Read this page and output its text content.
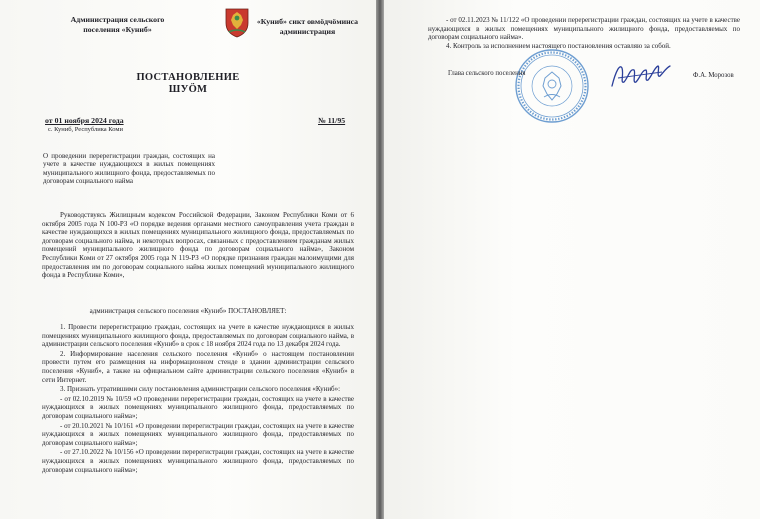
Администрация сельского
поселения «Куниб»
«Куниб» сикт овмӧдчӧминса
администрация
ПОСТАНОВЛЕНИЕ
ШУӦМ
от 01 ноября 2024 года
с. Куниб, Республика Коми
№ 11/95
О проведении перерегистрации граждан, состоящих на учете в качестве нуждающихся в жилых помещениях муниципального жилищного фонда, предоставляемых по договорам социального найма

Руководствуясь Жилищным кодексом Российской Федерации, Законом Республики Коми от 6 октября 2005 года N 100-РЗ «О порядке ведения органами местного самоуправления учета граждан в качестве нуждающихся в жилых помещениях муниципального жилищного фонда, предоставляемых по договорам социального найма, и некоторых вопросах, связанных с предоставлением гражданам жилых помещений муниципального жилищного фонда по договорам социального найма», Законом Республики Коми от 27 октября 2005 года N 119-РЗ «О порядке признания граждан малоимущими для предоставления им по договорам социального найма жилых помещений муниципального жилищного фонда в Республике Коми»,

администрация сельского поселения «Куниб» ПОСТАНОВЛЯЕТ:

1. Провести перерегистрацию граждан, состоящих на учете в качестве нуждающихся в жилых помещениях муниципального жилищного фонда, предоставляемых по договорам социального найма, в администрации сельского поселения «Куниб» в срок с 18 ноября 2024 года по 13 декабря 2024 года.

2. Информирование населения сельского поселения «Куниб» о настоящем постановлении провести путем его размещения на информационном стенде в здании администрации сельского поселения «Куниб», а также на официальном сайте администрации сельского поселения «Куниб» в сети Интернет.

3. Признать утратившими силу постановления администрации сельского поселения «Куниб»:

- от 02.10.2019 № 10/59 «О проведении перерегистрации граждан, состоящих на учете в качестве нуждающихся в жилых помещениях муниципального жилищного фонда, предоставляемых по договорам социального найма»;

- от 20.10.2021 № 10/161 «О проведении перерегистрации граждан, состоящих на учете в качестве нуждающихся в жилых помещениях муниципального жилищного фонда, предоставляемых по договорам социального найма»;

- от 27.10.2022 № 10/156 «О проведении перерегистрации граждан, состоящих на учете в качестве нуждающихся в жилых помещениях муниципального жилищного фонда, предоставляемых по договорам социального найма»;

- от 02.11.2023 № 11/122 «О проведении перерегистрации граждан, состоящих на учете в качестве нуждающихся в жилых помещениях муниципального жилищного фонда, предоставляемых по договорам социального найма».

4. Контроль за исполнением настоящего постановления оставляю за собой.

Глава сельского поселения	Ф.А. Морозов
